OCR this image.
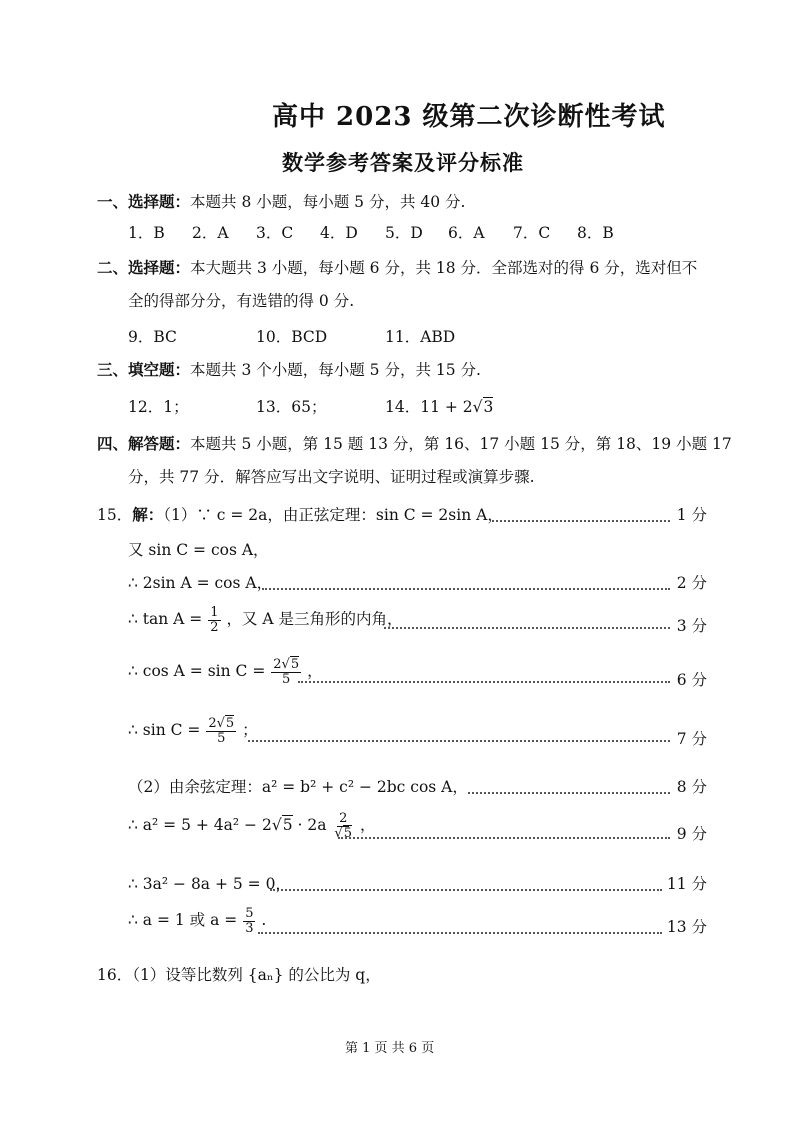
高中 2023 级第二次诊断性考试
数学参考答案及评分标准
一、选择题：本题共 8 小题，每小题 5 分，共 40 分.
1．B 2．A 3．C 4．D 5．D 6．A 7．C 8．B
二、选择题：本大题共 3 小题，每小题 6 分，共 18 分．全部选对的得 6 分，选对但不
全的得部分分，有选错的得 0 分.
9．BC	10．BCD	11．ABD
三、填空题：本题共 3 个小题，每小题 5 分，共 15 分.
12．1；	13．65；	14．11 + 2√3
四、解答题：本题共 5 小题，第 15 题 13 分，第 16、17 小题 15 分，第 18、19 小题 17
分，共 77 分．解答应写出文字说明、证明过程或演算步骤.
15．解：（1）∵ c = 2a，由正弦定理：sin C = 2sin A，	1 分
又 sin C = cos A，
∴ 2sin A = cos A，	2 分
∴ $\tan A = \frac{1}{2}$ ，又 A 是三角形的内角，	3 分
∴ $\cos A = \sin C = \frac{2√5}{5}$ ，	6 分
∴ $\sin C = \frac{2√5}{5}$ ；	7 分
（2）由余弦定理：a² = b² + c² − 2bc cos A，	8 分
∴ $a^2 = 5 + 4a^2 - 2√5 \cdot 2a \frac{2}{√5}$ ，	9 分
∴ 3a² − 8a + 5 = 0，	11 分
∴ a = 1 或 $a = \frac{5}{3}$ .	13 分
16．（1）设等比数列 {aₙ} 的公比为 q，
第 1 页 共 6 页
